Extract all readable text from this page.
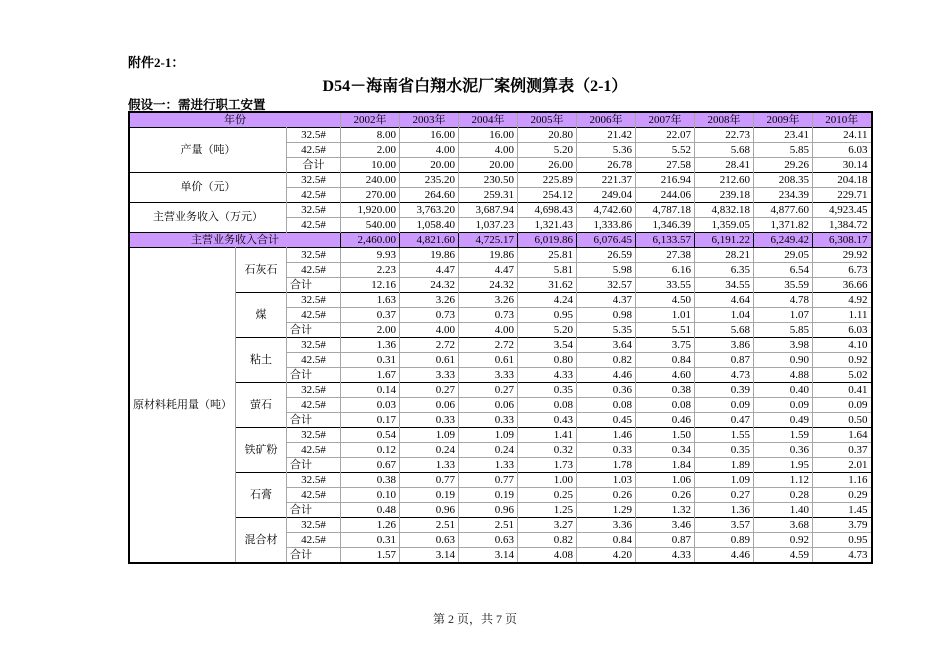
附件2-1：
D54－海南省白翔水泥厂案例测算表（2-1）
假设一：需进行职工安置
年份			2002年	2003年	2004年	2005年	2006年	2007年	2008年	2009年	2010年
产量（吨）		32.5#	8.00	16.00	16.00	20.80	21.42	22.07	22.73	23.41	24.11
		42.5#	2.00	4.00	4.00	5.20	5.36	5.52	5.68	5.85	6.03
		合计	10.00	20.00	20.00	26.00	26.78	27.58	28.41	29.26	30.14
单价（元）		32.5#	240.00	235.20	230.50	225.89	221.37	216.94	212.60	208.35	204.18
		42.5#	270.00	264.60	259.31	254.12	249.04	244.06	239.18	234.39	229.71
主营业务收入（万元）		32.5#	1,920.00	3,763.20	3,687.94	4,698.43	4,742.60	4,787.18	4,832.18	4,877.60	4,923.45
		42.5#	540.00	1,058.40	1,037.23	1,321.43	1,333.86	1,346.39	1,359.05	1,371.82	1,384.72
主营业务收入合计			2,460.00	4,821.60	4,725.17	6,019.86	6,076.45	6,133.57	6,191.22	6,249.42	6,308.17
原材料耗用量（吨）	石灰石	32.5#	9.93	19.86	19.86	25.81	26.59	27.38	28.21	29.05	29.92
		42.5#	2.23	4.47	4.47	5.81	5.98	6.16	6.35	6.54	6.73
		合计	12.16	24.32	24.32	31.62	32.57	33.55	34.55	35.59	36.66
	煤	32.5#	1.63	3.26	3.26	4.24	4.37	4.50	4.64	4.78	4.92
		42.5#	0.37	0.73	0.73	0.95	0.98	1.01	1.04	1.07	1.11
		合计	2.00	4.00	4.00	5.20	5.35	5.51	5.68	5.85	6.03
	粘土	32.5#	1.36	2.72	2.72	3.54	3.64	3.75	3.86	3.98	4.10
		42.5#	0.31	0.61	0.61	0.80	0.82	0.84	0.87	0.90	0.92
		合计	1.67	3.33	3.33	4.33	4.46	4.60	4.73	4.88	5.02
	萤石	32.5#	0.14	0.27	0.27	0.35	0.36	0.38	0.39	0.40	0.41
		42.5#	0.03	0.06	0.06	0.08	0.08	0.08	0.09	0.09	0.09
		合计	0.17	0.33	0.33	0.43	0.45	0.46	0.47	0.49	0.50
	铁矿粉	32.5#	0.54	1.09	1.09	1.41	1.46	1.50	1.55	1.59	1.64
		42.5#	0.12	0.24	0.24	0.32	0.33	0.34	0.35	0.36	0.37
		合计	0.67	1.33	1.33	1.73	1.78	1.84	1.89	1.95	2.01
	石膏	32.5#	0.38	0.77	0.77	1.00	1.03	1.06	1.09	1.12	1.16
		42.5#	0.10	0.19	0.19	0.25	0.26	0.26	0.27	0.28	0.29
		合计	0.48	0.96	0.96	1.25	1.29	1.32	1.36	1.40	1.45
	混合材	32.5#	1.26	2.51	2.51	3.27	3.36	3.46	3.57	3.68	3.79
		42.5#	0.31	0.63	0.63	0.82	0.84	0.87	0.89	0.92	0.95
		合计	1.57	3.14	3.14	4.08	4.20	4.33	4.46	4.59	4.73
第 2 页，共 7 页
